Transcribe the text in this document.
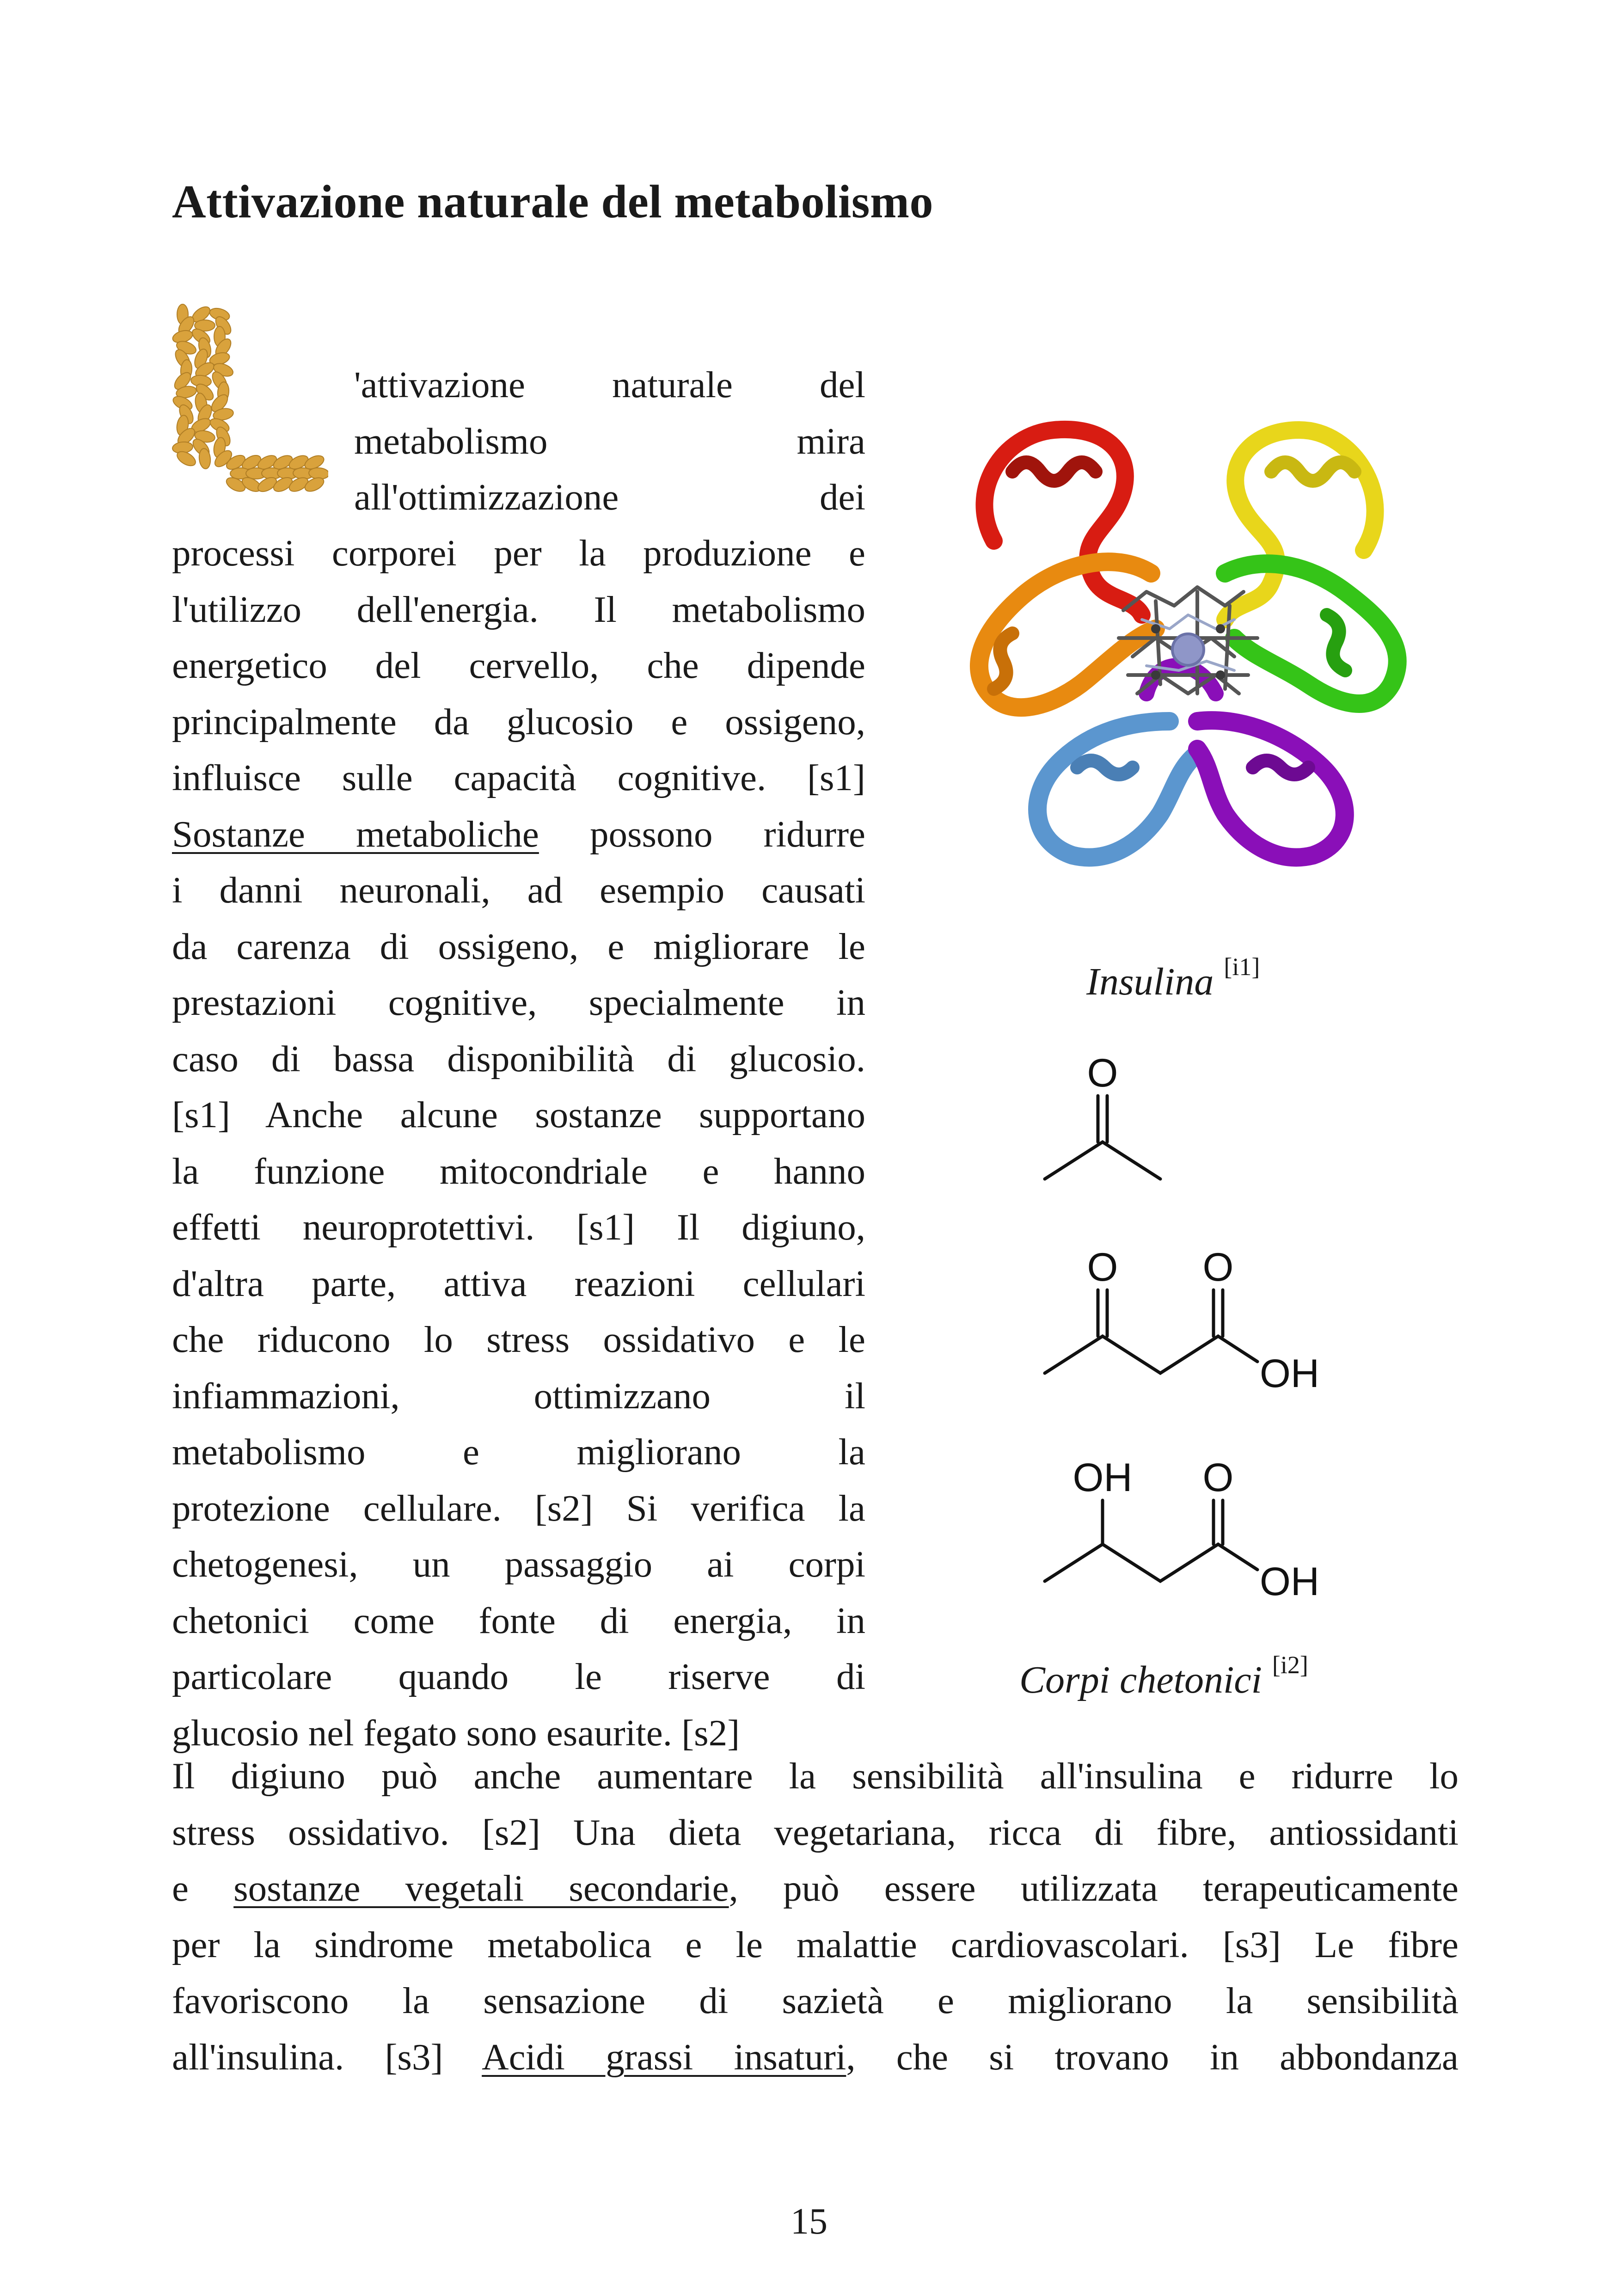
Attivazione naturale del metabolismo
'attivazione naturale del
metabolismo mira
all'ottimizzazione dei
processi corporei per la produzione e
l'utilizzo dell'energia. Il metabolismo
energetico del cervello, che dipende
principalmente da glucosio e ossigeno,
influisce sulle capacità cognitive. [s1]
Sostanze metaboliche possono ridurre
i danni neuronali, ad esempio causati
da carenza di ossigeno, e migliorare le
prestazioni cognitive, specialmente in
caso di bassa disponibilità di glucosio.
[s1] Anche alcune sostanze supportano
la funzione mitocondriale e hanno
effetti neuroprotettivi. [s1] Il digiuno,
d'altra parte, attiva reazioni cellulari
che riducono lo stress ossidativo e le
infiammazioni, ottimizzano il
metabolismo e migliorano la
protezione cellulare. [s2] Si verifica la
chetogenesi, un passaggio ai corpi
chetonici come fonte di energia, in
particolare quando le riserve di
glucosio nel fegato sono esaurite. [s2]
Il digiuno può anche aumentare la sensibilità all'insulina e ridurre lo
stress ossidativo. [s2] Una dieta vegetariana, ricca di fibre, antiossidanti
e sostanze vegetali secondarie, può essere utilizzata terapeuticamente
per la sindrome metabolica e le malattie cardiovascolari. [s3] Le fibre
favoriscono la sensazione di sazietà e migliorano la sensibilità
all'insulina. [s3] Acidi grassi insaturi, che si trovano in abbondanza
Insulina [i1]
O
O O
OH
OH O
OH
Corpi chetonici [i2]
15
